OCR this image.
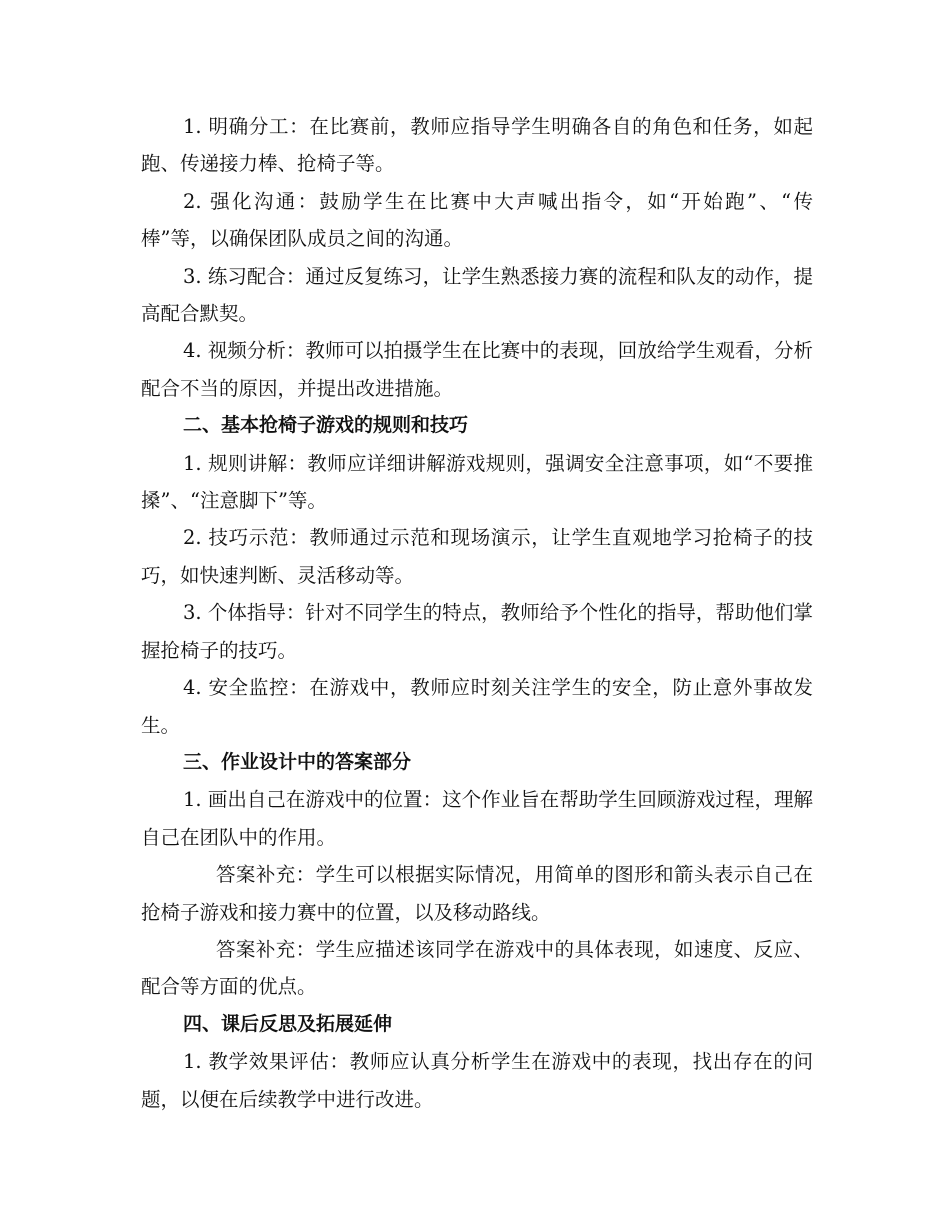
1. 明确分工：在比赛前，教师应指导学生明确各自的角色和任务，如起跑、传递接力棒、抢椅子等。

2. 强化沟通：鼓励学生在比赛中大声喊出指令，如“开始跑”、“传棒”等，以确保团队成员之间的沟通。

3. 练习配合：通过反复练习，让学生熟悉接力赛的流程和队友的动作，提高配合默契。

4. 视频分析：教师可以拍摄学生在比赛中的表现，回放给学生观看，分析配合不当的原因，并提出改进措施。

二、基本抢椅子游戏的规则和技巧

1. 规则讲解：教师应详细讲解游戏规则，强调安全注意事项，如“不要推搡”、“注意脚下”等。

2. 技巧示范：教师通过示范和现场演示，让学生直观地学习抢椅子的技巧，如快速判断、灵活移动等。

3. 个体指导：针对不同学生的特点，教师给予个性化的指导，帮助他们掌握抢椅子的技巧。

4. 安全监控：在游戏中，教师应时刻关注学生的安全，防止意外事故发生。

三、作业设计中的答案部分

1. 画出自己在游戏中的位置：这个作业旨在帮助学生回顾游戏过程，理解自己在团队中的作用。

答案补充：学生可以根据实际情况，用简单的图形和箭头表示自己在抢椅子游戏和接力赛中的位置，以及移动路线。

答案补充：学生应描述该同学在游戏中的具体表现，如速度、反应、配合等方面的优点。

四、课后反思及拓展延伸

1. 教学效果评估：教师应认真分析学生在游戏中的表现，找出存在的问题，以便在后续教学中进行改进。
